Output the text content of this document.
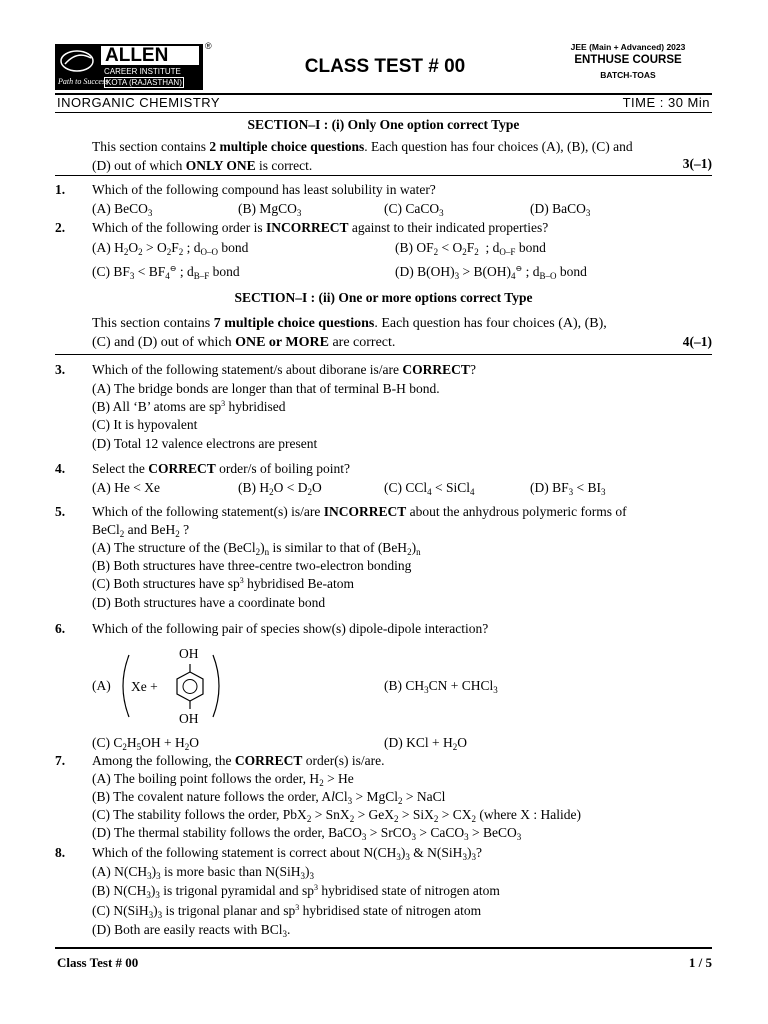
ALLEN
CAREER INSTITUTE
KOTA (RAJASTHAN)
Path to Success
®
CLASS TEST # 00
JEE (Main + Advanced) 2023
ENTHUSE COURSE
BATCH-TOAS
INORGANIC CHEMISTRY	TIME : 30 Min
SECTION–I : (i) Only One option correct Type
This section contains 2 multiple choice questions. Each question has four choices (A), (B), (C) and
(D) out of which ONLY ONE is correct.	3(–1)
1. Which of the following compound has least solubility in water?
(A) BeCO$_3$	(B) MgCO$_3$	(C) CaCO$_3$	(D) BaCO$_3$
2. Which of the following order is INCORRECT against to their indicated properties?
(A) $H_2O_2 > O_2F_2$ ; $d_{O-O}$ bond	(B) $OF_2 < O_2F_2$  ; $d_{O-F}$ bond
(C) $BF_3 < BF_4^⊖$ ; $d_{B-F}$ bond	(D) $B(OH)_3 > B(OH)_4^⊖$ ; $d_{B-O}$ bond
SECTION–I : (ii) One or more options correct Type
This section contains 7 multiple choice questions. Each question has four choices (A), (B),
(C) and (D) out of which ONE or MORE are correct.	4(–1)
3. Which of the following statement/s about diborane is/are CORRECT?
(A) The bridge bonds are longer than that of terminal B-H bond.
(B) All ‘B’ atoms are $sp^3$ hybridised
(C) It is hypovalent
(D) Total 12 valence electrons are present
4. Select the CORRECT order/s of boiling point?
(A) He < Xe	(B) $H_2O < D_2O$	(C) CCl$_4$ < SiCl$_4$	(D) $BF_3 < BI_3$
5. Which of the following statement(s) is/are INCORRECT about the anhydrous polymeric forms of
BeCl$_2$ and BeH$_2$ ?
(A) The structure of the $(BeCl_2)_n$ is similar to that of $(BeH_2)_n$
(B) Both structures have three-centre two-electron bonding
(C) Both structures have $sp^3$ hybridised Be-atom
(D) Both structures have a coordinate bond
6. Which of the following pair of species show(s) dipole-dipole interaction?
(A) Xe +
OH
OH
(B) $CH_3CN$ + CHCl$_3$
(C) $C_2H_5OH + H_2O$	(D) KCl + $H_2O$
7. Among the following, the CORRECT order(s) is/are.
(A) The boiling point follows the order, $H_2 > He$
(B) The covalent nature follows the order, AlCl$_3$ > MgCl$_2$ > NaCl
(C) The stability follows the order, $PbX_2 > SnX_2 > GeX_2 > SiX_2 > CX_2$ (where X : Halide)
(D) The thermal stability follows the order, BaCO$_3$ > SrCO$_3$ > CaCO$_3$ > BeCO$_3$
8. Which of the following statement is correct about $N(CH_3)_3$ & $N(SiH_3)_3$?
(A) $N(CH_3)_3$ is more basic than $N(SiH_3)_3$
(B) $N(CH_3)_3$ is trigonal pyramidal and $sp^3$ hybridised state of nitrogen atom
(C) $N(SiH_3)_3$ is trigonal planar and $sp^3$ hybridised state of nitrogen atom
(D) Both are easily reacts with BCl$_3$.
Class Test # 00	1 / 5
